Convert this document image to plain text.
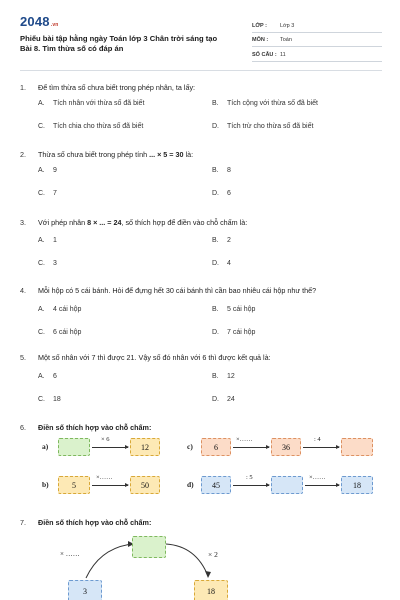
2048.vn
Phiếu bài tập hằng ngày Toán lớp 3 Chân trời sáng tạo Bài 8. Tìm thừa số có đáp án
LỚP :	Lớp 3
MÔN :	Toán
SỐ CÂU : 11
1.	Để tìm thừa số chưa biết trong phép nhân, ta lấy:
A.	Tích nhân với thừa số đã biết	B.	Tích cộng với thừa số đã biết
C.	Tích chia cho thừa số đã biết	D.	Tích trừ cho thừa số đã biết
2.	Thừa số chưa biết trong phép tính ... × 5 = 30 là:
A.	9	B.	8
C.	7	D.	6
3.	Với phép nhân 8 × ... = 24, số thích hợp để điền vào chỗ chấm là:
A.	1	B.	2
C.	3	D.	4
4.	Mỗi hộp có 5 cái bánh. Hỏi để đựng hết 30 cái bánh thì cần bao nhiêu cái hộp như thế?
A.	4 cái hộp	B.	5 cái hộp
C.	6 cái hộp	D.	7 cái hộp
5.	Một số nhân với 7 thì được 21. Vậy số đó nhân với 6 thì được kết quả là:
A.	6	B.	12
C.	18	D.	24
6.	Điền số thích hợp vào chỗ chấm:
a)
× 6
12	c)	6
×……
36
: 4
b)	5
×……
50	d)	45
: 5	×……
18
7.	Điền số thích hợp vào chỗ chấm:
× ……	× 2
3	18
